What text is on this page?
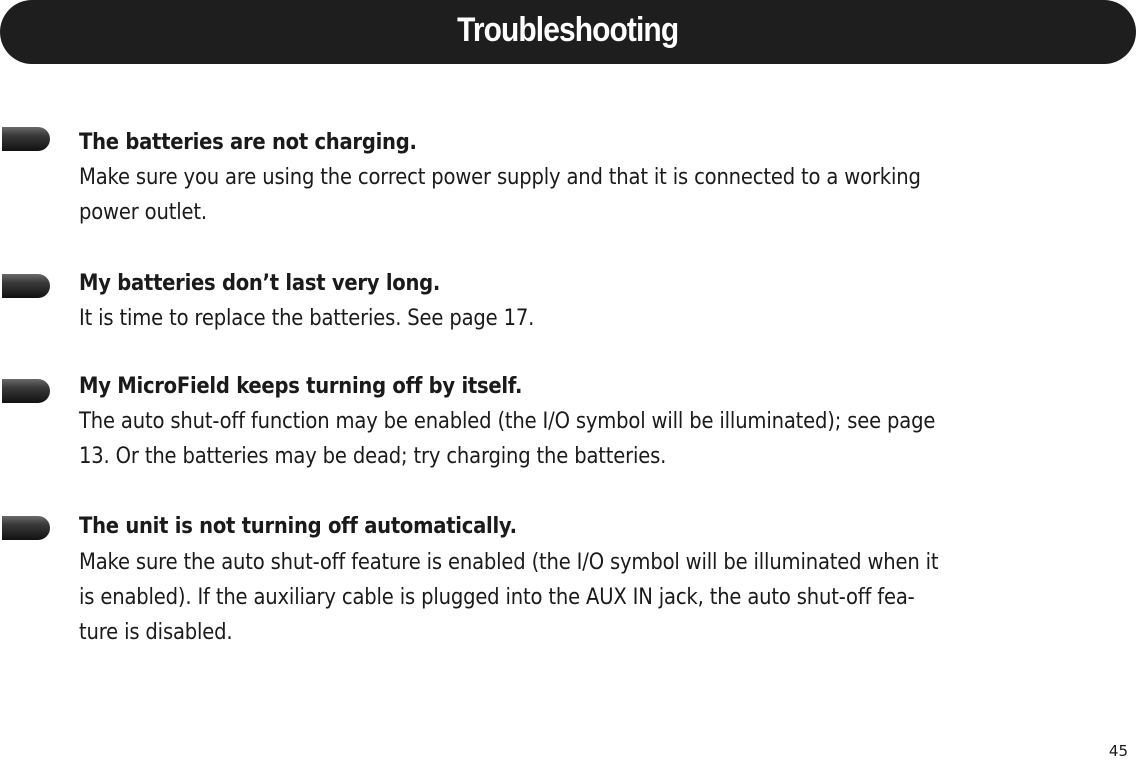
Troubleshooting
The batteries are not charging.
Make sure you are using the correct power supply and that it is connected to a working
power outlet.
My batteries don’t last very long.
It is time to replace the batteries. See page 17.
My MicroField keeps turning off by itself.
The auto shut-off function may be enabled (the I/O symbol will be illuminated); see page
13. Or the batteries may be dead; try charging the batteries.
The unit is not turning off automatically.
Make sure the auto shut-off feature is enabled (the I/O symbol will be illuminated when it
is enabled). If the auxiliary cable is plugged into the AUX IN jack, the auto shut-off fea-
ture is disabled.
45
